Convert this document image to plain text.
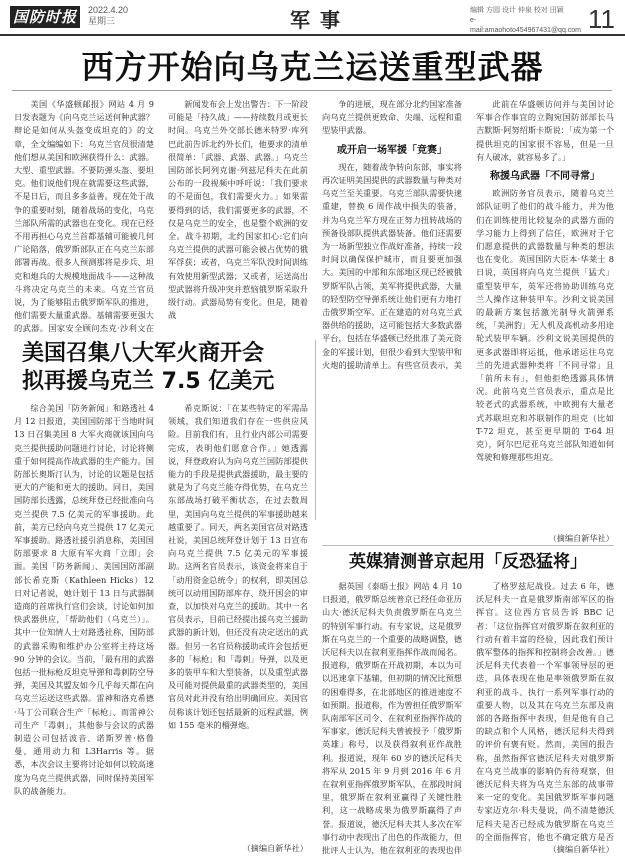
国防时报	2022.4.20
星期三	军事	编辑 方园 设计 仲泉 校对 田颖
e-mail:amaohoto454967431@qq.com 11
西方开始向乌克兰运送重型武器

美国《华盛顿邮报》网站 4 月 9 日发表题为《向乌克兰运送何种武器？辩论是如何从头盔变成坦克的》的文章，全文编编如下：乌克兰官员很清楚他们想从美国和欧洲获得什么：武器。大型、重型武器。不要防弹头盔、要坦克。他们说他们现在就需要这些武器，不是日后，而且多多益善。现在处于战争的重要时刻，随着战场的变化，乌克兰部队所需的武器也在变化。现在已经不用再担心乌克兰首都基辅可能被几何广论陷落，俄罗斯部队正在乌克兰东部部署再战。很多人预测那将是步兵、坦克和炮兵的大规模地面战斗——这种战斗将决定乌克兰的未来。乌克兰官员说，为了能够阻击俄罗斯军队的推进，他们需要大量重武器。基辅需要更强大的武器。国家安全顾问杰克·沙利文在

新闻发布会上发出警告：下一阶段可能是「持久战」——持续数月或更长时间。乌克兰外交部长德米特罗·库列巴此前告诉北约外长们，他要求的清单很简单：「武器、武器、武器。」乌克兰国防部长阿列克谢·列兹尼科夫在此前公布的一段视频中呼吁说：「我们要求的不是面包，我们需要火力。」如果需要得到的话，我们需要更多的武器，不仅是乌克兰的安全，也是整个欧洲的安全。战斗初期，北约国家扣心:它们向乌克兰提供的武器可能会被占优势的俄军俘获；或者，乌克兰军队没时间训练有效使用新型武器；又或者，运送高出型武器将升级冲突并惹恼俄罗斯采取升级行动。武器局势有变化。但是，随着战

争的进展，现在部分北约国家准备向乌克兰提供更致命、尖端、远程和重型装甲武器。

或开启一场军援「竞赛」

现在，随着战争转向东部，事实将再次证明美国提供的武器数量与种类对乌克兰至关重要。乌克兰部队需要快速重建，替换 6 周作战中损失的装备，并为乌克兰军方现在正努力扭转战场的预备役部队提供武器装备。他们还需要为一场新型独立作战好准备，持续一段时间以确保保护城市，而且要更加强大。美国的中部和东部地区现已经被俄罗斯军队占领，美军将提供武器，大量的轻型防空导弹系统让他们更有力地打击俄罗斯空军。正在建造的对乌克兰武器供给的援助，这可能包括大多数武器平台，包括在华盛顿已经批准了美元资金的军援计划，但很少看到大型装甲和火炮的援助清单上。有些官员表示，美

此前在华盛顿访问并与美国讨论军事合作事宜的立陶宛国防部部长马吉默斯·阿努绍斯卡斯说：「成为第一个提供坦克的国家很不容易，但是一旦有人破冰，就容易多了。」

称援乌武器「不同寻常」

欧洲防务官员表示，随着乌克兰部队证明了他们的战斗能力，并为他们在训练使用比较复杂的武器方面的学习能力上得到了信任，欧洲对于它们愿意提供的武器数量与种类的想法也在变化。英国国防大臣本·华莱士 8 日说，英国将向乌克兰提供「猛犬」重型装甲车，英军还将协助训练乌克兰人操作这种装甲车。沙利文说美国的最新方案包括激光制导火箭弹系统，「美洲豹」无人机及高机动多用途轮式装甲车辆。沙利文说美国提供的更多武器即将运抵，他承诺运往乌克兰的先进武器种类将「不同寻常」且「前所未有」，但他拒绝透露具体情况。此前乌克兰官员表示，重点是比较老式的武器系统，中欧拥有大量老式苏联坦克和苏联制作的坦克（比如 T-72 坦克，甚至更早期的 T-64 坦克），阿尔巴尼亚乌克兰部队知道如何驾驶和修理那些坦克。

（摘编自新华社）

美国召集八大军火商开会
拟再援乌克兰 7.5 亿美元

综合美国「防务新闻」和路透社 4 月 12 日报道，美国国防部于当地时间 13 日召集美国 8 大军火商就该国向乌克兰提供援助问题进行讨论，讨论将侧重于如何提高作战武器的生产能力。国防部长奥斯汀认为，讨论的议题是包括更大的产能和更大的援助。同日，美国国防部长透露，总统拜登已经批准向乌克兰提供 7.5 亿美元的军事援助。此前，美方已经向乌克兰提供 17 亿美元军事援助。路透社援引消息称，美国国防部要求 8 大原有军火商「立即」会面。美国「防务新闻」、美国国防部副部长希克斯（Kathleen Hicks）12 日对记者说，她计划于 13 日与武器制造商的首席执行官们会谈，讨论如何加快武器供应，「帮助他们（乌克兰）」。其中一位知情人士对路透社称，国防部的武器采购和维护办公室将主持这场 90 分钟的会议。当前，「最有用的武器包括一批标枪反坦克导弹和毒刺防空导弹，美国及其盟友如今几乎每天都在向乌克兰运送这些武器。雷神和洛克希德·马丁公司联合生产「标枪」、而雷神公司生产「毒刺」，其他参与会议的武器制造公司包括波音、诺斯罗普·格鲁曼，通用动力和 L3Harris 等。据悉，本次会议主要将讨论如何以较高速度为乌克兰提供武器，同时保持美国军队的战备能力。

希克斯说：「在某些特定的军需品领域，我们知道我们存在一些供应风险。目前我们有，且行业内部公司需要完成，表明他们愿意合作。」她透露说，拜登政府认为向乌克兰国防部提供能力的手段是提供武器援助，最主要的就是为了乌克兰能夺得优势，在乌克兰东部战场打破平衡状态，在过去数周里，美国向乌克兰提供的军事援助越来越重要了。同天，两名美国官员对路透社说，美国总统拜登计划于 13 日宣布向乌克兰提供 7.5 亿美元的军事援助。这两名官员表示，该资金将来自于「动用资金总统令」的权利，即美国总统可以动用国防部库存、绕开国会的审查，以加快对乌克兰的援助。其中一名官员表示，目前已经提出援乌克兰援助武器的新计划，但还没有决定送出的武器。但另一名官员称援助或许会包括更多的「标枪」和「毒刺」导弹，以及更多的装甲车和大型装备，以及重型武器及可能对提供最重的武器类型的，美国官员对此并没有给出明确回应。美国官员称该计划还包括最新的远程武器，例如 155 毫米的榴弹炮。

（摘编自新华社）

英媒猜测普京起用「反恐猛将」

据英国《泰晤士报》网站 4 月 10 日报道，俄罗斯总统普京已经任命亚历山大·德沃尼科夫负责俄罗斯在乌克兰的特别军事行动。有专家说，这是俄罗斯在乌克兰的一个重要的战略调整，德沃尼科夫以在叙利亚指挥作战而闻名。报道称，俄罗斯在开战初期，本以为可以迅速拿下基辅，但初期的情况比预想的困难得多，在北部地区的推进速度不如预期。报道称，作为曾担任俄罗斯军队南部军区司令、在叙利亚指挥作战的军事家，德沃尼科夫曾被授予「俄罗斯英雄」称号，以及获得叙利亚作战胜利。报道说，现年 60 岁的德沃尼科夫将军从 2015 年 9 月到 2016 年 6 月在叙利亚指挥俄罗斯军队，在那段时间里，俄罗斯在叙利亚赢得了关键性胜利，这一战略成果为俄罗斯赢得了声誉。报道说，德沃尼科夫其人多次在军事行动中表现出了出色的作战能力，但批评人士认为，他在叙利亚的表现也伴

了格罗兹尼战役。过去 6 年，德沃尼科夫一直是俄罗斯南部军区的指挥官。这位西方官员告诉 BBC 记者：「这位指挥官对俄罗斯在叙利亚的行动有着丰富的经验，因此我们预计俄军整体的指挥和控制将会改善。」德沃尼科夫代表着一个军事领导层的更迭，具体表现在他是率领俄罗斯在叙利亚的战斗、执行一系列军事行动的重要人物，以及其在乌克兰东部及南部的各路指挥中表现，但是他有自己的缺点和个人风格，德沃尼科夫得到的评价有褒有贬。然而，美国的报告称，虽然指挥官德沃尼科夫对俄罗斯在乌克兰战事的影响仍有待观察，但德沃尼科夫将为乌克兰东部的战事带来一定的变化。美国俄罗斯军事问题专家迈克尔·科夫曼说，尚不清楚德沃尼科夫是否已经成为俄罗斯在乌克兰的全面指挥官，他也不确定俄方是否

（摘编自新华社）
